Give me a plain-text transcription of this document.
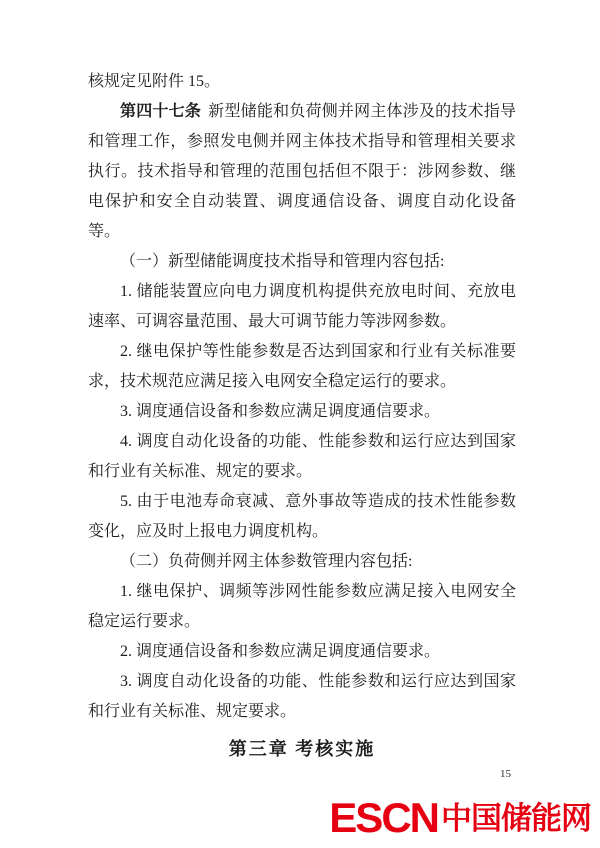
核规定见附件 15。

第四十七条 新型储能和负荷侧并网主体涉及的技术指导和管理工作，参照发电侧并网主体技术指导和管理相关要求执行。技术指导和管理的范围包括但不限于：涉网参数、继电保护和安全自动装置、调度通信设备、调度自动化设备等。

（一）新型储能调度技术指导和管理内容包括:

1. 储能装置应向电力调度机构提供充放电时间、充放电速率、可调容量范围、最大可调节能力等涉网参数。

2. 继电保护等性能参数是否达到国家和行业有关标准要求，技术规范应满足接入电网安全稳定运行的要求。

3. 调度通信设备和参数应满足调度通信要求。

4. 调度自动化设备的功能、性能参数和运行应达到国家和行业有关标准、规定的要求。

5. 由于电池寿命衰减、意外事故等造成的技术性能参数变化，应及时上报电力调度机构。

（二）负荷侧并网主体参数管理内容包括:

1. 继电保护、调频等涉网性能参数应满足接入电网安全稳定运行要求。

2. 调度通信设备和参数应满足调度通信要求。

3. 调度自动化设备的功能、性能参数和运行应达到国家和行业有关标准、规定要求。

第三章 考核实施
15
ESCN 中国储能网
